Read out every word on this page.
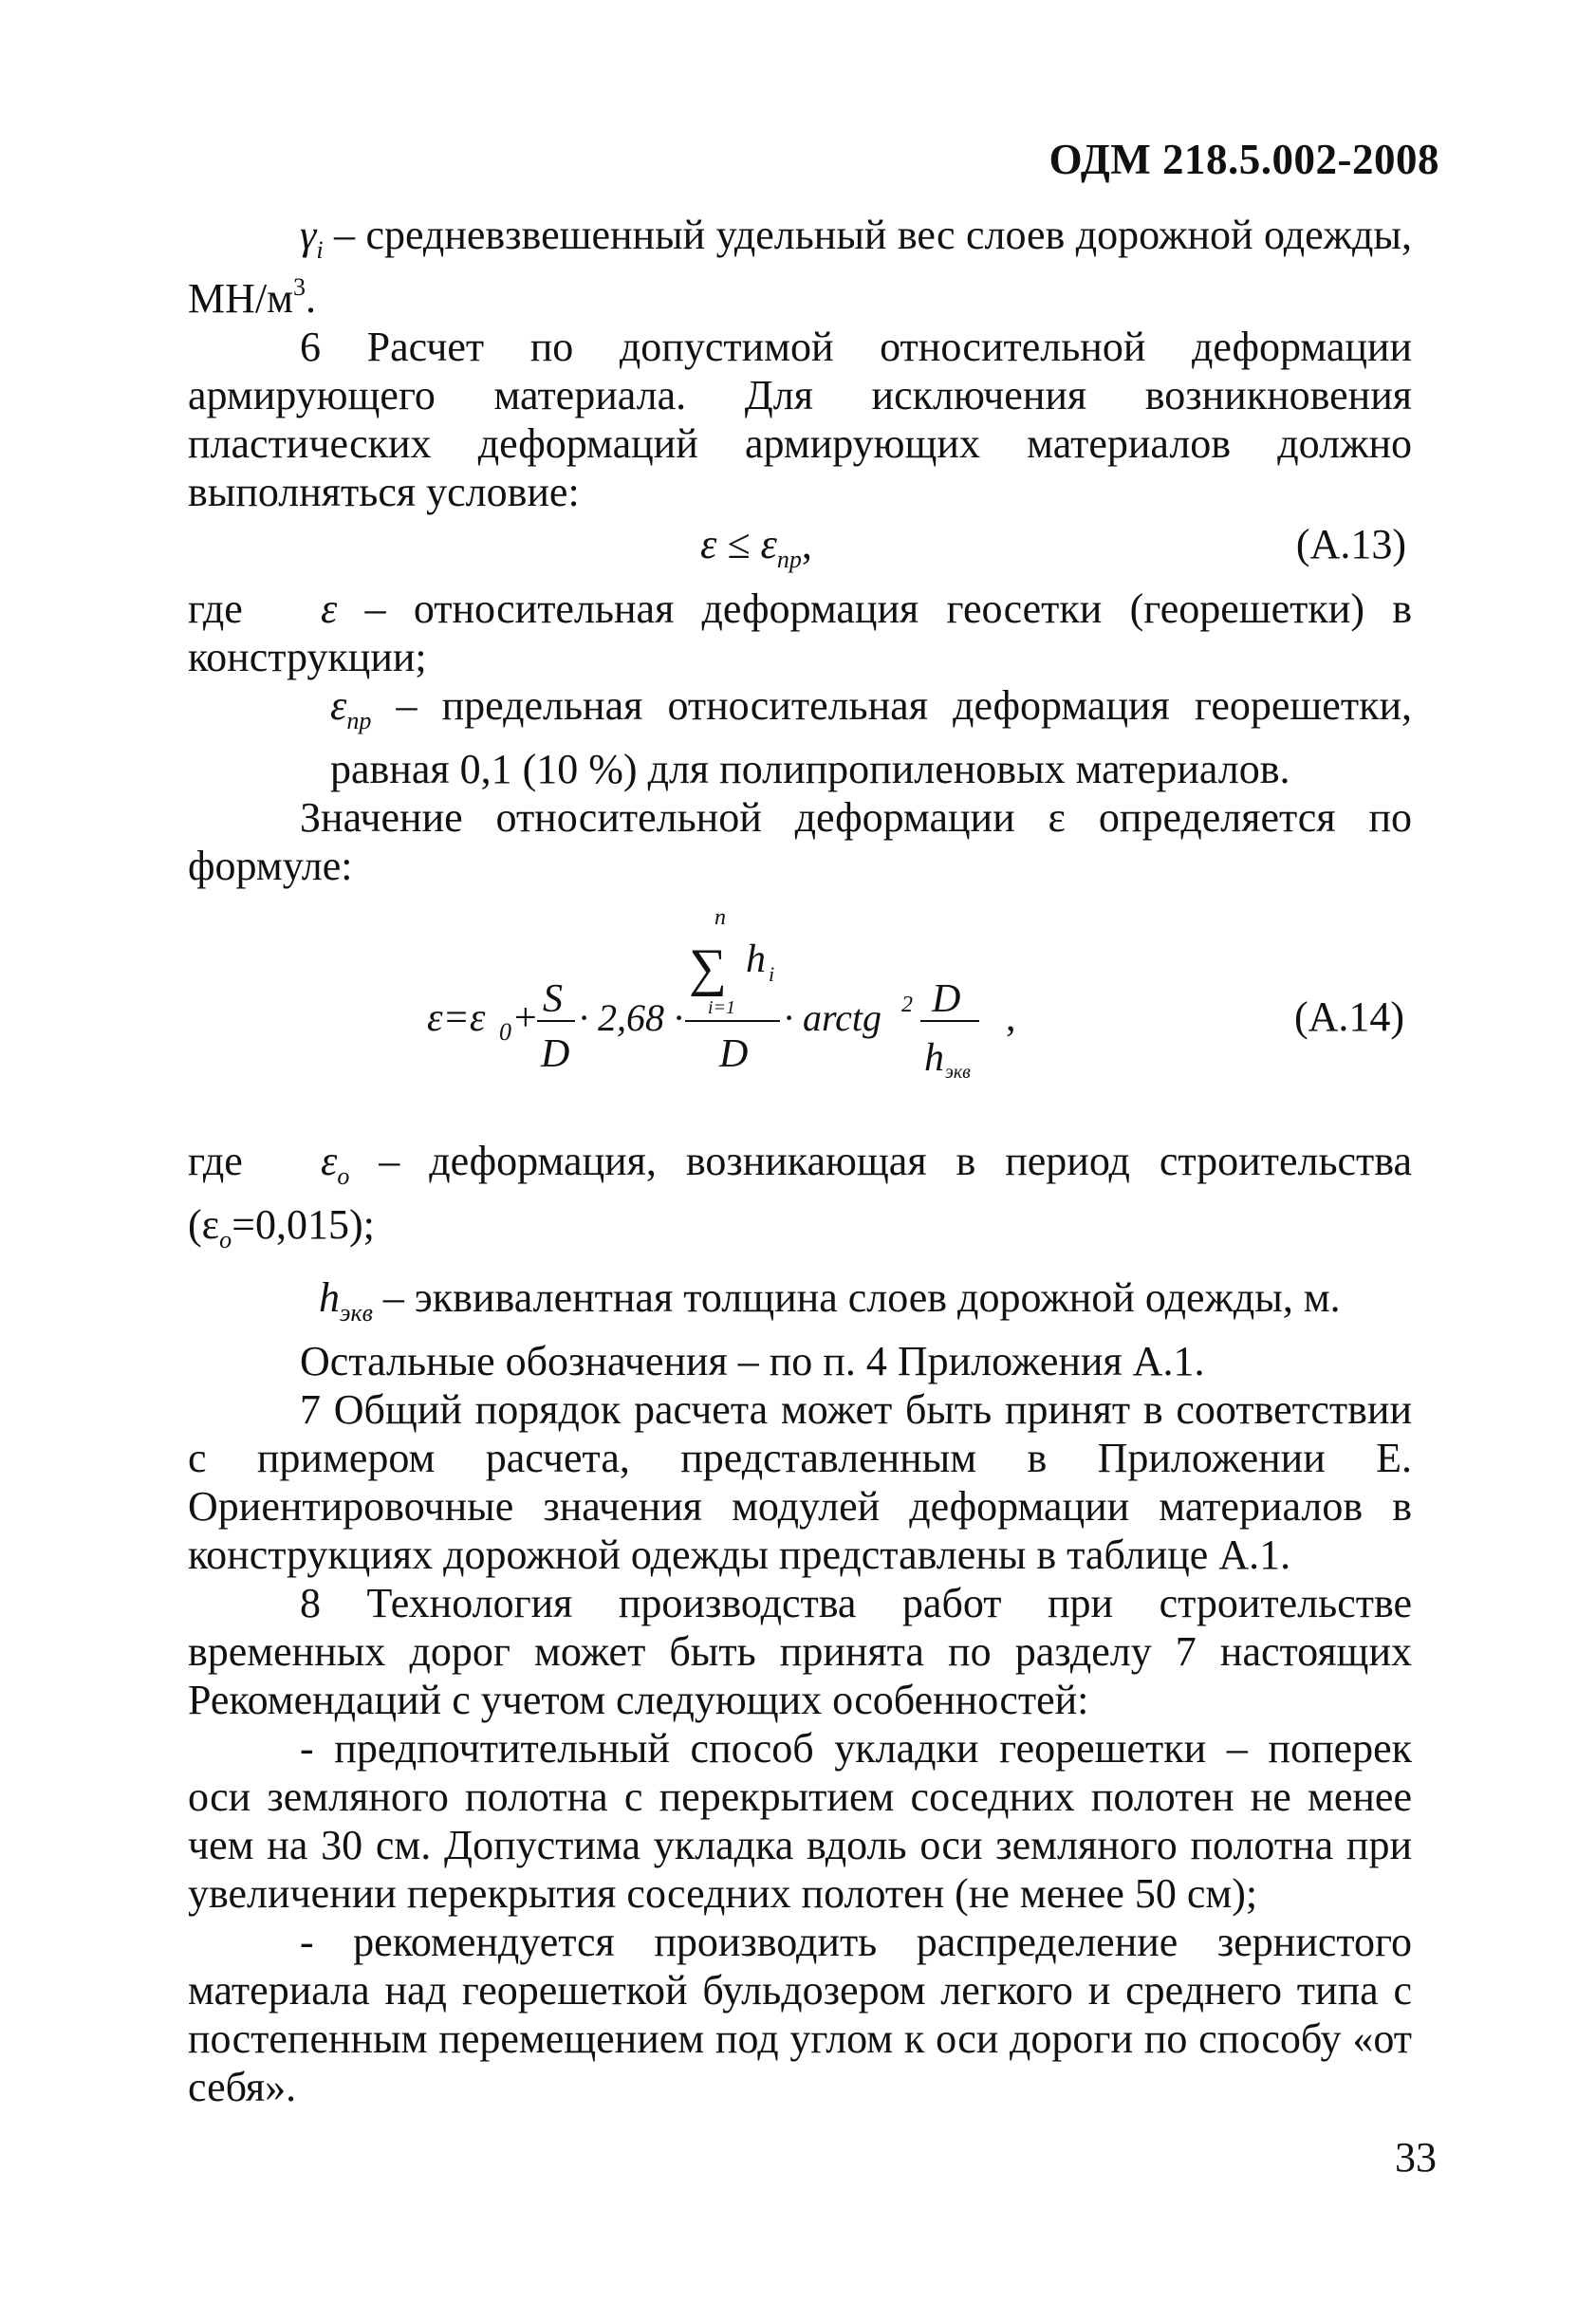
ОДМ 218.5.002-2008

$\gamma_i$ – средневзвешенный удельный вес слоев дорожной одежды, $МН/м^3$.

6 Расчет по допустимой относительной деформации армирующего материала. Для исключения возникновения пластических деформаций армирующих материалов должно выполняться условие:

$\varepsilon \le \varepsilon_{пр}$,	(А.13)

где ε – относительная деформация геосетки (георешетки) в конструкции;

$\varepsilon_{пр}$ – предельная относительная деформация георешетки, равная 0,1 (10 %) для полипропиленовых материалов.

Значение относительной деформации ε определяется по формуле:

ε=ε 0 + S
D
· 2,68 ·
n
∑ h i
i=1
D
· arctg 2 D
h экв
,	(А.14)

где $\varepsilon_о$ – деформация, возникающая в период строительства $(\varepsilon_о=0,015)$;

$h_{экв}$ – эквивалентная толщина слоев дорожной одежды, м.

Остальные обозначения – по п. 4 Приложения А.1.

7 Общий порядок расчета может быть принят в соответствии с примером расчета, представленным в Приложении Е. Ориентировочные значения модулей деформации материалов в конструкциях дорожной одежды представлены в таблице А.1.

8 Технология производства работ при строительстве временных дорог может быть принята по разделу 7 настоящих Рекомендаций с учетом следующих особенностей:

- предпочтительный способ укладки георешетки – поперек оси земляного полотна с перекрытием соседних полотен не менее чем на 30 см. Допустима укладка вдоль оси земляного полотна при увеличении перекрытия соседних полотен (не менее 50 см);

- рекомендуется производить распределение зернистого материала над георешеткой бульдозером легкого и среднего типа с постепенным перемещением под углом к оси дороги по способу «от себя».

33
